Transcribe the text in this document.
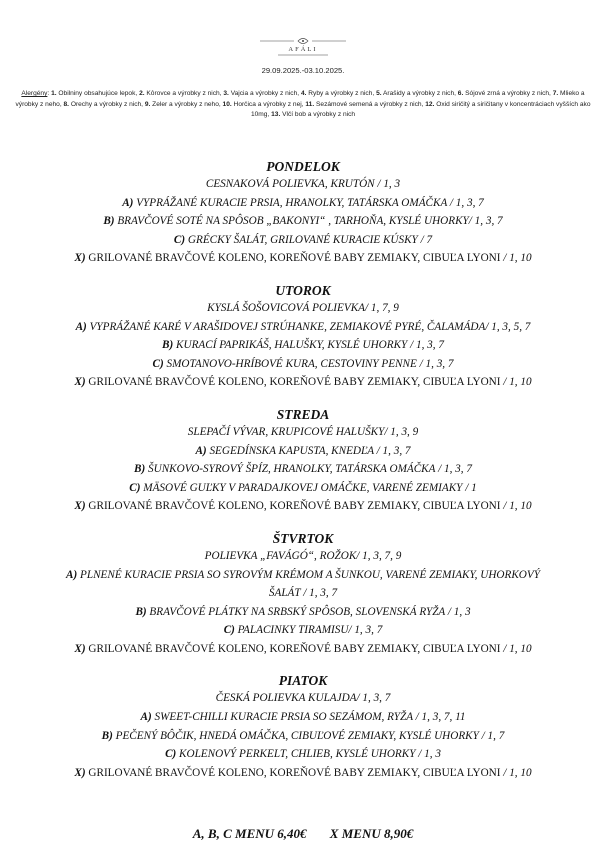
AFÁLI
29.09.2025.-03.10.2025.
Alergény: 1. Obilniny obsahujúce lepok, 2. Kôrovce a výrobky z nich, 3. Vajcia a výrobky z nich, 4. Ryby a výrobky z nich, 5. Arašidy a výrobky z nich, 6. Sójové zrná a výrobky z nich, 7. Mlieko a výrobky z neho, 8. Orechy a výrobky z nich, 9. Zeler a výrobky z neho, 10. Horčica a výrobky z nej, 11. Sezámové semená a výrobky z nich, 12. Oxid siričitý a siričitany v koncentráciach vyšších ako 10mg, 13. Vlčí bob a výrobky z nich
PONDELOK
CESNAKOVÁ POLIEVKA, KRUTÓN / 1, 3
A) VYPRÁŽANÉ KURACIE PRSIA, HRANOLKY, TATÁRSKA OMÁČKA / 1, 3, 7
B) BRAVČOVÉ SOTÉ NA SPÔSOB „BAKONYI“ , TARHOŇA, KYSLÉ UHORKY/ 1, 3, 7
C) GRÉCKY ŠALÁT, GRILOVANÉ KURACIE KÚSKY / 7
X) GRILOVANÉ BRAVČOVÉ KOLENO, KOREŇOVÉ BABY ZEMIAKY, CIBUĽA LYONI / 1, 10
UTOROK
KYSLÁ ŠOŠOVICOVÁ POLIEVKA/ 1, 7, 9
A) VYPRÁŽANÉ KARÉ V ARAŠIDOVEJ STRÚHANKE, ZEMIAKOVÉ PYRÉ, ČALAMÁDA/ 1, 3, 5, 7
B) KURACÍ PAPRIKÁŠ, HALUŠKY, KYSLÉ UHORKY / 1, 3, 7
C) SMOTANOVO-HRÍBOVÉ KURA, CESTOVINY PENNE / 1, 3, 7
X) GRILOVANÉ BRAVČOVÉ KOLENO, KOREŇOVÉ BABY ZEMIAKY, CIBUĽA LYONI / 1, 10
STREDA
SLEPAČÍ VÝVAR, KRUPICOVÉ HALUŠKY/ 1, 3, 9
A) SEGEDÍNSKA KAPUSTA, KNEDĽA / 1, 3, 7
B) ŠUNKOVO-SYROVÝ ŠPÍZ, HRANOLKY, TATÁRSKA OMÁČKA / 1, 3, 7
C) MÄSOVÉ GUĽKY V PARADAJKOVEJ OMÁČKE, VARENÉ ZEMIAKY / 1
X) GRILOVANÉ BRAVČOVÉ KOLENO, KOREŇOVÉ BABY ZEMIAKY, CIBUĽA LYONI / 1, 10
ŠTVRTOK
POLIEVKA „FAVÁGÓ“, ROŽOK/ 1, 3, 7, 9
A) PLNENÉ KURACIE PRSIA SO SYROVÝM KRÉMOM A ŠUNKOU, VARENÉ ZEMIAKY, UHORKOVÝ
ŠALÁT / 1, 3, 7
B) BRAVČOVÉ PLÁTKY NA SRBSKÝ SPÔSOB, SLOVENSKÁ RYŽA / 1, 3
C) PALACINKY TIRAMISU/ 1, 3, 7
X) GRILOVANÉ BRAVČOVÉ KOLENO, KOREŇOVÉ BABY ZEMIAKY, CIBUĽA LYONI / 1, 10
PIATOK
ČESKÁ POLIEVKA KULAJDA/ 1, 3, 7
A) SWEET-CHILLI KURACIE PRSIA SO SEZÁMOM, RYŽA / 1, 3, 7, 11
B) PEČENÝ BÔČIK, HNEDÁ OMÁČKA, CIBUĽOVÉ ZEMIAKY, KYSLÉ UHORKY / 1, 7
C) KOLENOVÝ PERKELT, CHLIEB, KYSLÉ UHORKY / 1, 3
X) GRILOVANÉ BRAVČOVÉ KOLENO, KOREŇOVÉ BABY ZEMIAKY, CIBUĽA LYONI / 1, 10
A, B, C MENU 6,40€ X MENU 8,90€
